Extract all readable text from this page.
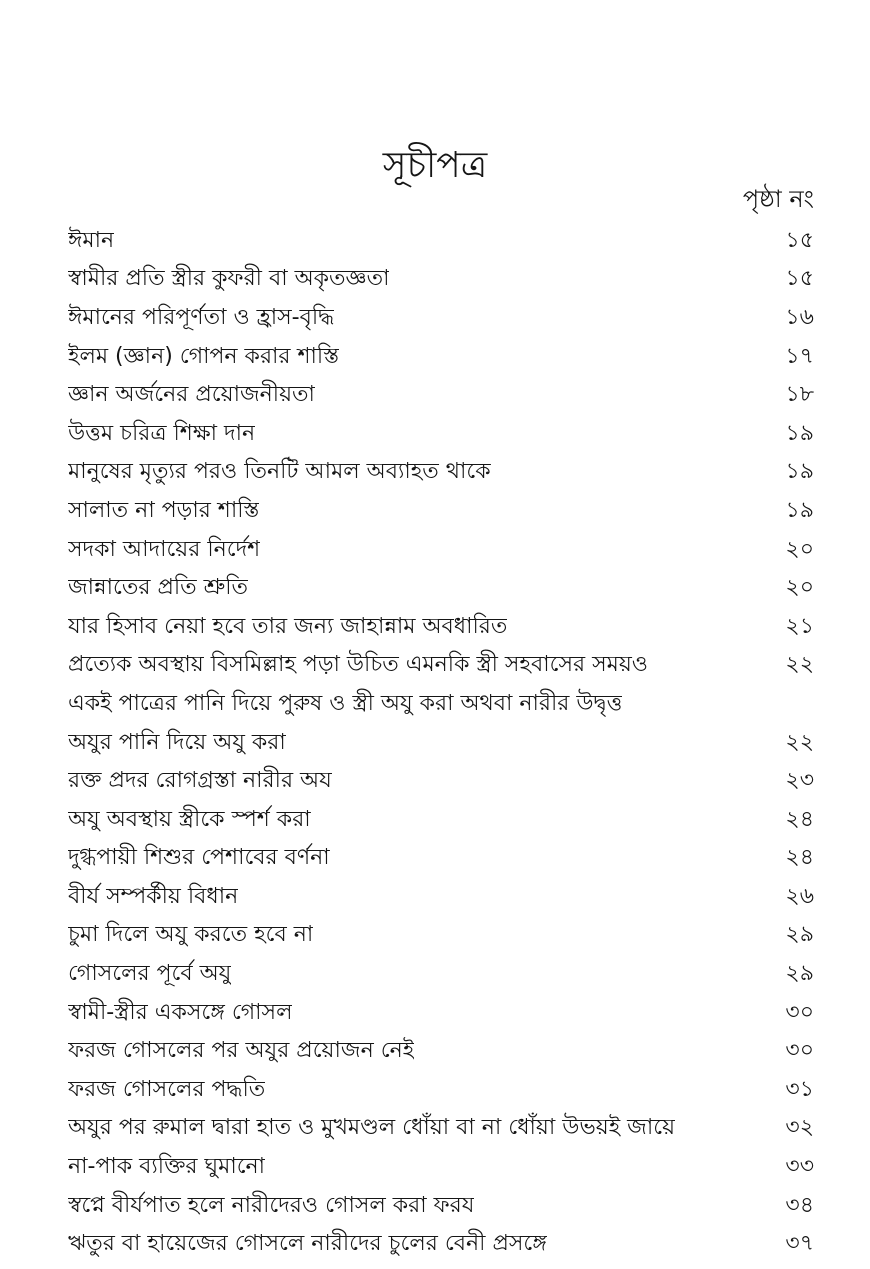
সূচীপত্র
পৃষ্ঠা নং
ঈমান	১৫
স্বামীর প্রতি স্ত্রীর কুফরী বা অকৃতজ্ঞতা	১৫
ঈমানের পরিপূর্ণতা ও হ্রাস-বৃদ্ধি	১৬
ইলম (জ্ঞান) গোপন করার শাস্তি	১৭
জ্ঞান অর্জনের প্রয়োজনীয়তা	১৮
উত্তম চরিত্র শিক্ষা দান	১৯
মানুষের মৃত্যুর পরও তিনটি আমল অব্যাহত থাকে	১৯
সালাত না পড়ার শাস্তি	১৯
সদকা আদায়ের নির্দেশ	২০
জান্নাতের প্রতি শ্রুতি	২০
যার হিসাব নেয়া হবে তার জন্য জাহান্নাম অবধারিত	২১
প্রত্যেক অবস্থায় বিসমিল্লাহ পড়া উচিত এমনকি স্ত্রী সহবাসের সময়ও	২২
একই পাত্রের পানি দিয়ে পুরুষ ও স্ত্রী অযু করা অথবা নারীর উদ্বৃত্ত
অযুর পানি দিয়ে অযু করা	২২
রক্ত প্রদর রোগগ্রস্তা নারীর অয	২৩
অযু অবস্থায় স্ত্রীকে স্পর্শ করা	২৪
দুগ্ধপায়ী শিশুর পেশাবের বর্ণনা	২৪
বীর্য সম্পর্কীয় বিধান	২৬
চুমা দিলে অযু করতে হবে না	২৯
গোসলের পূর্বে অযু	২৯
স্বামী-স্ত্রীর একসঙ্গে গোসল	৩০
ফরজ গোসলের পর অযুর প্রয়োজন নেই	৩০
ফরজ গোসলের পদ্ধতি	৩১
অযুর পর রুমাল দ্বারা হাত ও মুখমণ্ডল ধোঁয়া বা না ধোঁয়া উভয়ই জায়ে	৩২
না-পাক ব্যক্তির ঘুমানো	৩৩
স্বপ্নে বীর্যপাত হলে নারীদেরও গোসল করা ফরয	৩৪
ঋতুর বা হায়েজের গোসলে নারীদের চুলের বেনী প্রসঙ্গে	৩৭
